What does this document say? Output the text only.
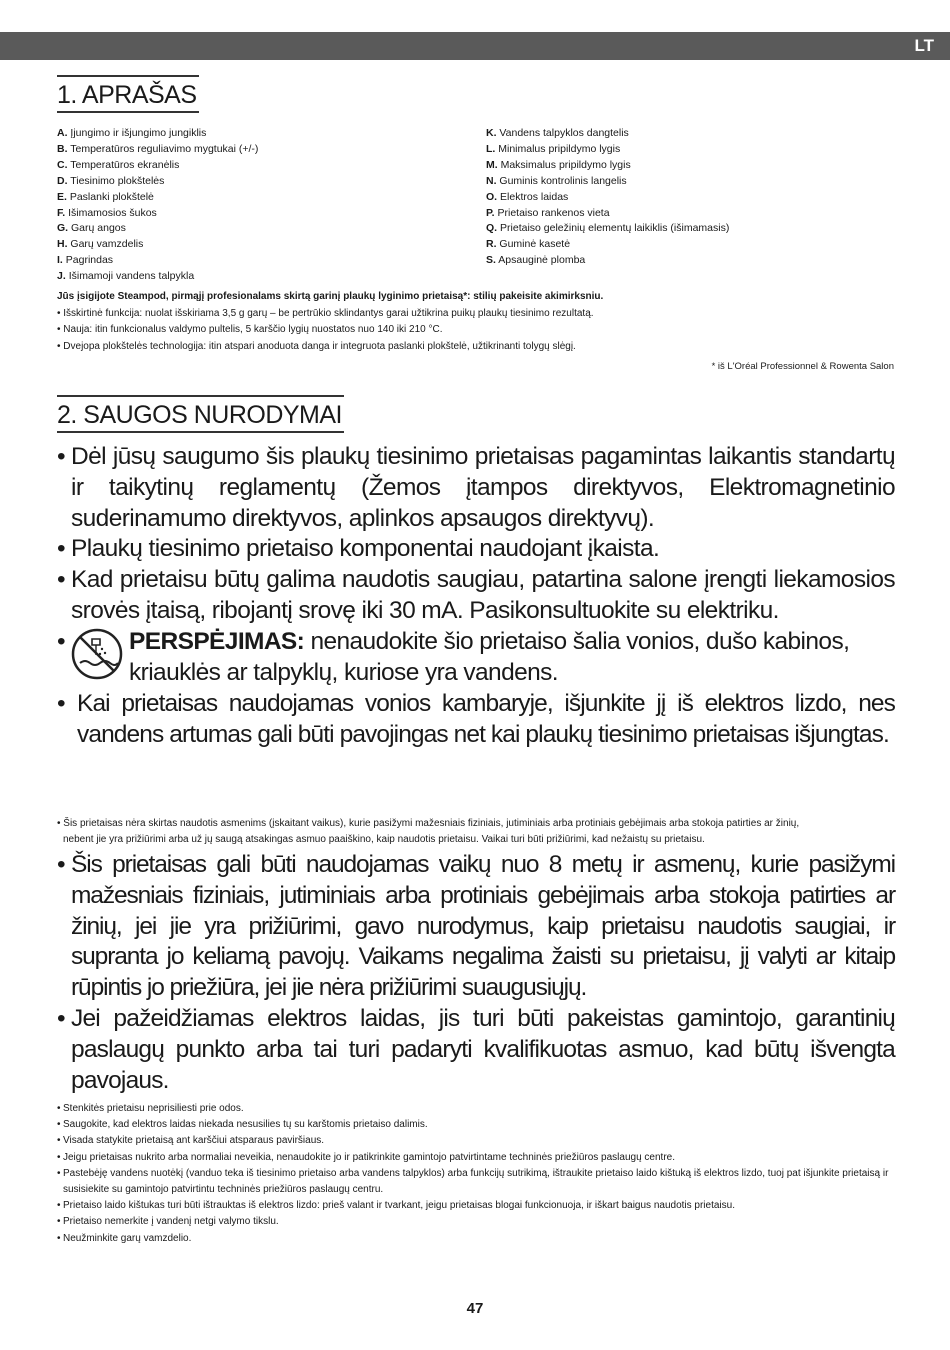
LT
1. APRAŠAS
A. Įjungimo ir išjungimo jungiklis
B. Temperatūros reguliavimo mygtukai (+/-)
C. Temperatūros ekranėlis
D. Tiesinimo plokštelės
E. Paslanki plokštelė
F. Išimamosios šukos
G. Garų angos
H. Garų vamzdelis
I. Pagrindas
J. Išimamoji vandens talpykla
K. Vandens talpyklos dangtelis
L. Minimalus pripildymo lygis
M. Maksimalus pripildymo lygis
N. Guminis kontrolinis langelis
O. Elektros laidas
P. Prietaiso rankenos vieta
Q. Prietaiso geležinių elementų laikiklis (išimamasis)
R. Guminė kasetė
S. Apsauginė plomba
Jūs įsigijote Steampod, pirmąjį profesionalams skirtą garinį plaukų lyginimo prietaisą*: stilių pakeisite akimirksniu.
• Išskirtinė funkcija: nuolat išskiriama 3,5 g garų – be pertrūkio sklindantys garai užtikrina puikų plaukų tiesinimo rezultatą.
• Nauja: itin funkcionalus valdymo pultelis, 5 karščio lygių nuostatos nuo 140 iki 210 °C.
• Dvejopa plokštelės technologija: itin atspari anoduota danga ir integruota paslanki plokštelė, užtikrinanti tolygų slėgį.
* iš L'Oréal Professionnel & Rowenta Salon
2. SAUGOS NURODYMAI
• Dėl jūsų saugumo šis plaukų tiesinimo prietaisas pagamintas laikantis standartų ir taikytinų reglamentų (Žemos įtampos direktyvos, Elektromagnetinio suderinamumo direktyvos, aplinkos apsaugos direktyvų).
• Plaukų tiesinimo prietaiso komponentai naudojant įkaista.
• Kad prietaisu būtų galima naudotis saugiau, patartina salone įrengti liekamosios srovės įtaisą, ribojantį srovę iki 30 mA. Pasikonsultuokite su elektriku.
•	PERSPĖJIMAS: nenaudokite šio prietaiso šalia vonios, dušo kabinos, kriauklės ar talpyklų, kuriose yra vandens.
• Kai prietaisas naudojamas vonios kambaryje, išjunkite jį iš elektros lizdo, nes vandens artumas gali būti pavojingas net kai plaukų tiesinimo prietaisas išjungtas.
• Šis prietaisas nėra skirtas naudotis asmenims (įskaitant vaikus), kurie pasižymi mažesniais fiziniais, jutiminiais arba protiniais gebėjimais arba stokoja patirties ar žinių,
nebent jie yra prižiūrimi arba už jų saugą atsakingas asmuo paaiškino, kaip naudotis prietaisu. Vaikai turi būti prižiūrimi, kad nežaistų su prietaisu.
• Šis prietaisas gali būti naudojamas vaikų nuo 8 metų ir asmenų, kurie pasižymi mažesniais fiziniais, jutiminiais arba protiniais gebėjimais arba stokoja patirties ar žinių, jei jie yra prižiūrimi, gavo nurodymus, kaip prietaisu naudotis saugiai, ir supranta jo keliamą pavojų. Vaikams negalima žaisti su prietaisu, jį valyti ar kitaip rūpintis jo priežiūra, jei jie nėra prižiūrimi suaugusiųjų.
• Jei pažeidžiamas elektros laidas, jis turi būti pakeistas gamintojo, garantinių paslaugų punkto arba tai turi padaryti kvalifikuotas asmuo, kad būtų išvengta pavojaus.
• Stenkitės prietaisu neprisiliesti prie odos.
• Saugokite, kad elektros laidas niekada nesusilies tų su karštomis prietaiso dalimis.
• Visada statykite prietaisą ant karščiui atsparaus paviršiaus.
• Jeigu prietaisas nukrito arba normaliai neveikia, nenaudokite jo ir patikrinkite gamintojo patvirtintame techninės priežiūros paslaugų centre.
• Pastebėję vandens nuotėkį (vanduo teka iš tiesinimo prietaiso arba vandens talpyklos) arba funkcijų sutrikimą, ištraukite prietaiso laido kištuką iš elektros lizdo, tuoj pat išjunkite prietaisą ir susisiekite su gamintojo patvirtintu techninės priežiūros paslaugų centru.
• Prietaiso laido kištukas turi būti ištrauktas iš elektros lizdo: prieš valant ir tvarkant, jeigu prietaisas blogai funkcionuoja, ir iškart baigus naudotis prietaisu.
• Prietaiso nemerkite į vandenį netgi valymo tikslu.
• Neužminkite garų vamzdelio.
47
